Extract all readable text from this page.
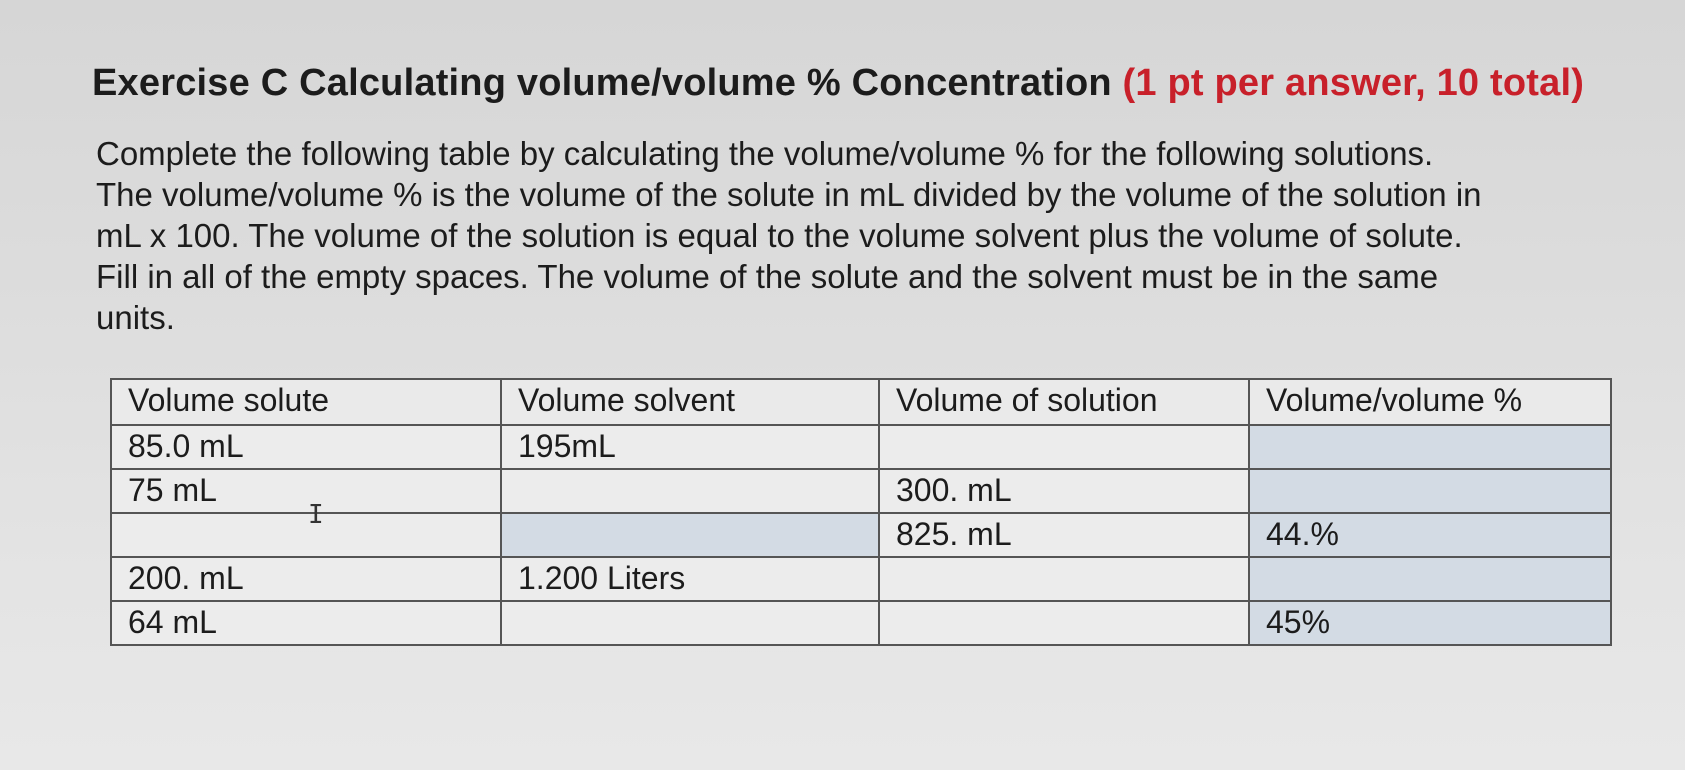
Exercise C Calculating volume/volume % Concentration (1 pt per answer, 10 total)
Complete the following table by calculating the volume/volume % for the following solutions.
The volume/volume % is the volume of the solute in mL divided by the volume of the solution in
mL x 100. The volume of the solution is equal to the volume solvent plus the volume of solute.
Fill in all of the empty spaces. The volume of the solute and the solvent must be in the same
units.
Volume solute	Volume solvent	Volume of solution	Volume/volume %
85.0 mL	195mL		
75 mL		300. mL	
		825. mL	44.%
200. mL	1.200 Liters		
64 mL			45%
I
